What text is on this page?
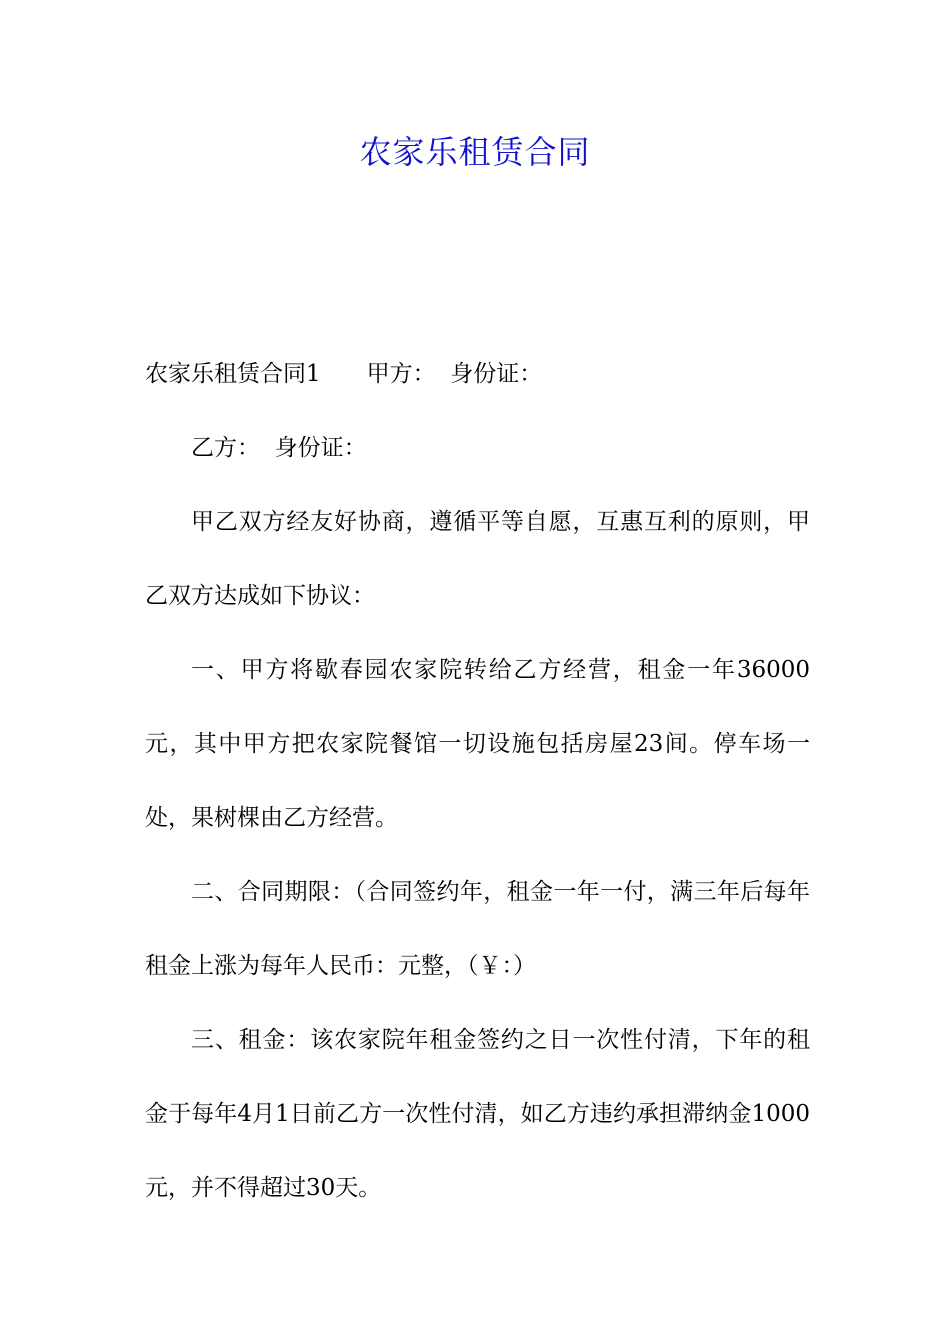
农家乐租赁合同

农家乐租赁合同1 甲方： 身份证：

乙方： 身份证：

甲乙双方经友好协商，遵循平等自愿，互惠互利的原则，甲乙双方达成如下协议：

一、甲方将歇春园农家院转给乙方经营，租金一年36000元，其中甲方把农家院餐馆一切设施包括房屋23间。停车场一处，果树棵由乙方经营。

二、合同期限：（合同签约年，租金一年一付，满三年后每年租金上涨为每年人民币：元整，（￥：）

三、租金：该农家院年租金签约之日一次性付清，下年的租金于每年4月1日前乙方一次性付清，如乙方违约承担滞纳金1000元，并不得超过30天。
